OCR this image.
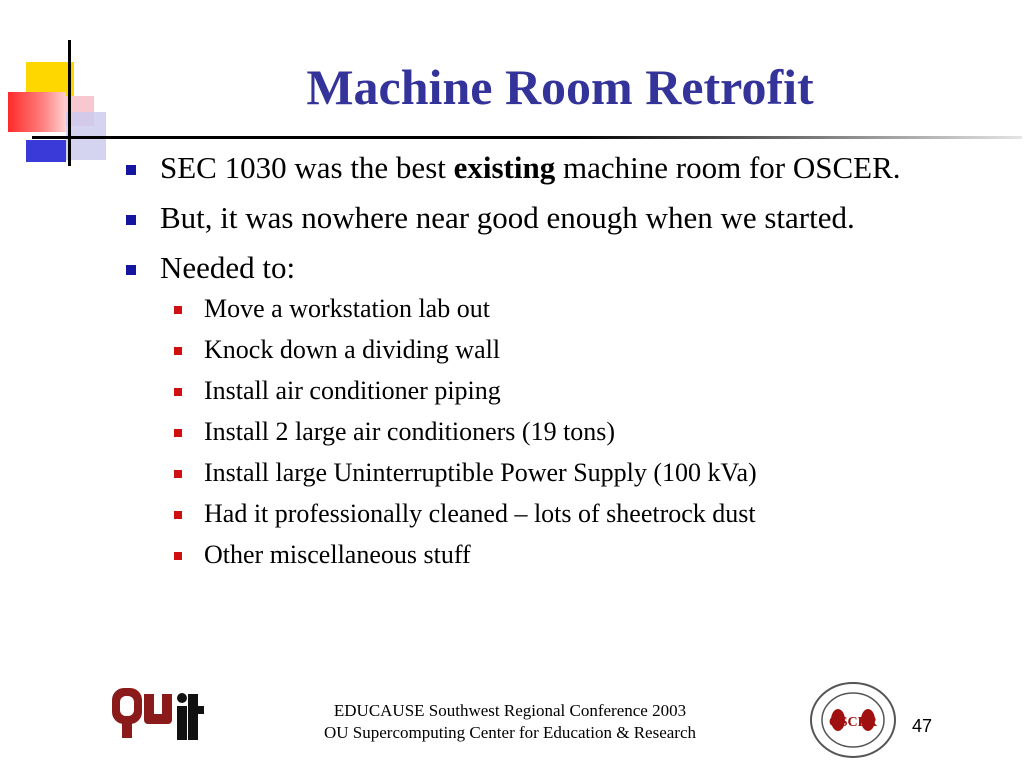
Machine Room Retrofit
SEC 1030 was the best existing machine room for OSCER.
But, it was nowhere near good enough when we started.
Needed to:
Move a workstation lab out
Knock down a dividing wall
Install air conditioner piping
Install 2 large air conditioners (19 tons)
Install large Uninterruptible Power Supply (100 kVa)
Had it professionally cleaned – lots of sheetrock dust
Other miscellaneous stuff
EDUCAUSE Southwest Regional Conference 2003
OU Supercomputing Center for Education & Research
OSCER 47
